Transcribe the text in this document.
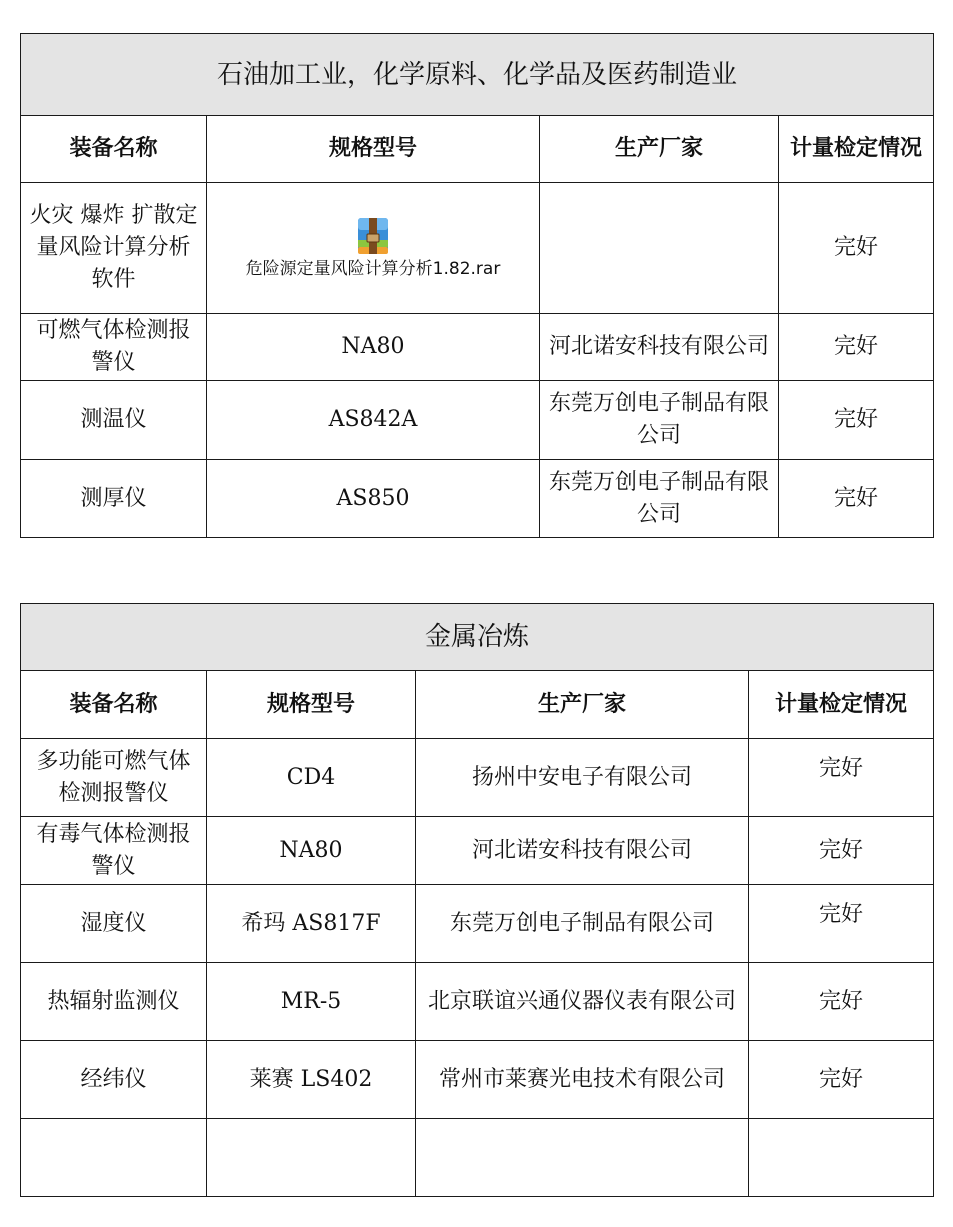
石油加工业，化学原料、化学品及医药制造业			
装备名称	规格型号	生产厂家	计量检定情况
火灾 爆炸 扩散定量风险计算分析软件	危险源定量风险计算分析1.82.rar		完好
可燃气体检测报警仪	NA80	河北诺安科技有限公司	完好
测温仪	AS842A	东莞万创电子制品有限公司	完好
测厚仪	AS850	东莞万创电子制品有限公司	完好
金属冶炼			
装备名称	规格型号	生产厂家	计量检定情况
多功能可燃气体检测报警仪	CD4	扬州中安电子有限公司	完好
有毒气体检测报警仪	NA80	河北诺安科技有限公司	完好
湿度仪	希玛 AS817F	东莞万创电子制品有限公司	完好
热辐射监测仪	MR-5	北京联谊兴通仪器仪表有限公司	完好
经纬仪	莱赛 LS402	常州市莱赛光电技术有限公司	完好
